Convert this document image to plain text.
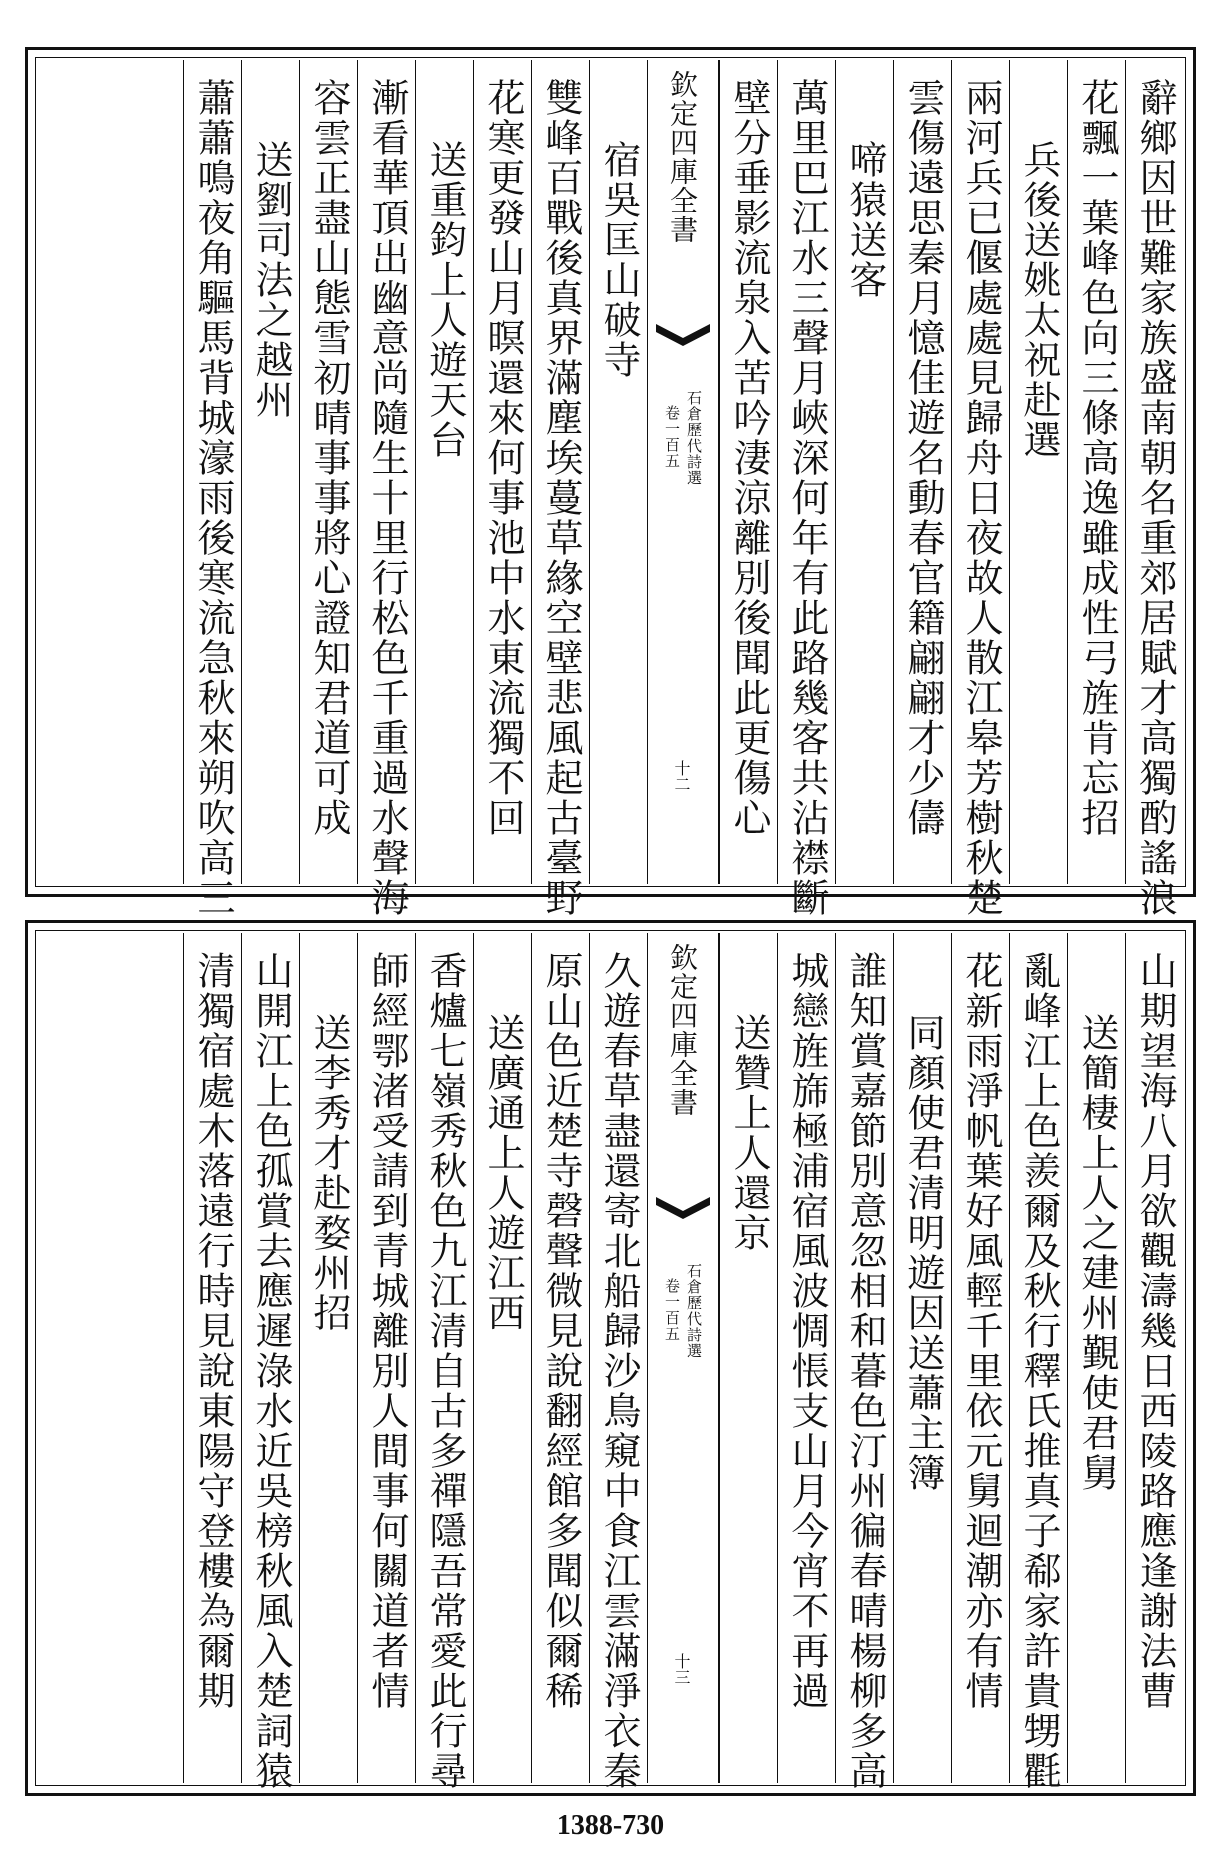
辭鄉因世難家族盛南朝名重郊居賦才高獨酌謠浪
花飄一葉峰色向三條高逸雖成性弓旌肯忘招
兵後送姚太祝赴選
兩河兵已偃處處見歸舟日夜故人散江皋芳樹秋楚
雲傷遠思秦月憶佳遊名動春官籍翩翩才少儔
啼猿送客
萬里巴江水三聲月峽深何年有此路幾客共沾襟斷
壁分垂影流泉入苦吟淒涼離別後聞此更傷心
欽定四庫全書
石倉歷代詩選
卷一百五
十二
宿吳匡山破寺
雙峰百戰後真界滿塵埃蔓草緣空壁悲風起古臺野
花寒更發山月暝還來何事池中水東流獨不回
送重鈞上人遊天台
漸看華頂出幽意尚隨生十里行松色千重過水聲海
容雲正盡山態雪初晴事事將心證知君道可成
送劉司法之越州
蕭蕭鳴夜角驅馬背城濠雨後寒流急秋來朔吹高三
山期望海八月欲觀濤幾日西陵路應逢謝法曹
送簡棲上人之建州覲使君舅
亂峰江上色羨爾及秋行釋氏推真子郗家許貴甥氍
花新雨淨帆葉好風輕千里依元舅迴潮亦有情
同顏使君清明遊因送蕭主簿
誰知賞嘉節別意忽相和暮色汀州徧春晴楊柳多高
城戀旌旆極浦宿風波惆悵支山月今宵不再過
送贊上人還京
欽定四庫全書
石倉歷代詩選
卷一百五
十三
久遊春草盡還寄北船歸沙鳥窺中食江雲滿淨衣秦
原山色近楚寺磬聲微見說翻經館多聞似爾稀
送廣通上人遊江西
香爐七嶺秀秋色九江清自古多禪隱吾常愛此行尋
師經鄂渚受請到青城離別人間事何關道者情
送李秀才赴婺州招
山開江上色孤賞去應遲淥水近吳榜秋風入楚詞猿
清獨宿處木落遠行時見說東陽守登樓為爾期
1388-730
